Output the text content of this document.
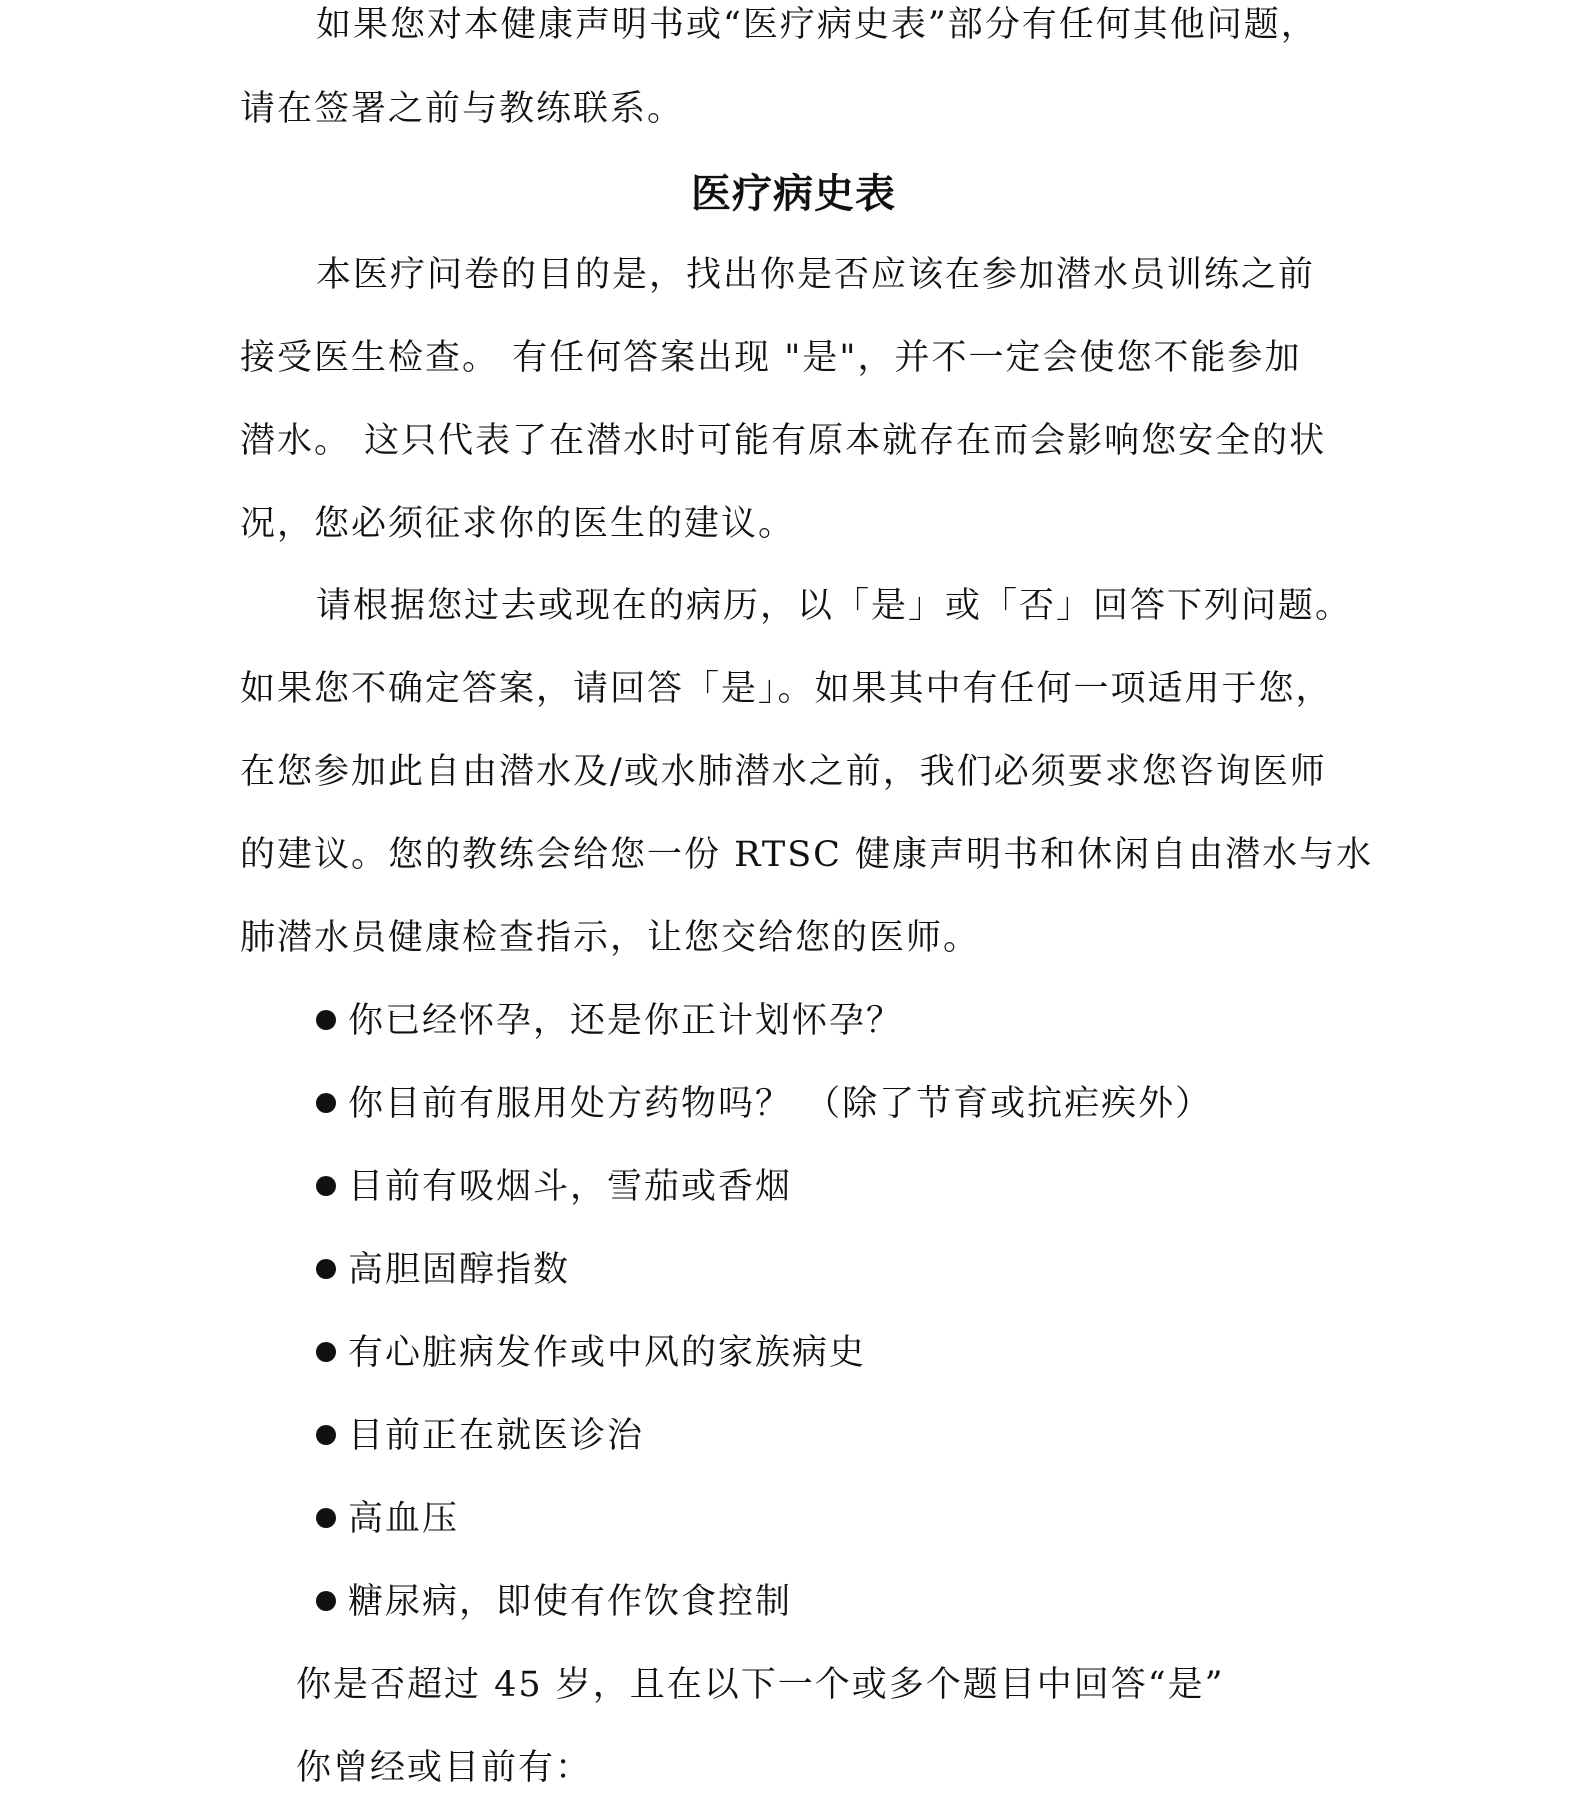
如果您对本健康声明书或“医疗病史表”部分有任何其他问题，
请在签署之前与教练联系。
医疗病史表
本医疗问卷的目的是，找出你是否应该在参加潜水员训练之前
接受医生检查。 有任何答案出现 "是"，并不一定会使您不能参加
潜水。 这只代表了在潜水时可能有原本就存在而会影响您安全的状
况，您必须征求你的医生的建议。
请根据您过去或现在的病历，以「是」或「否」回答下列问题。
如果您不确定答案，请回答「是」。如果其中有任何一项适用于您，
在您参加此自由潜水及/或水肺潜水之前，我们必须要求您咨询医师
的建议。您的教练会给您一份 RTSC 健康声明书和休闲自由潜水与水
肺潜水员健康检查指示，让您交给您的医师。
你已经怀孕，还是你正计划怀孕？
你目前有服用处方药物吗？ （除了节育或抗疟疾外）
目前有吸烟斗，雪茄或香烟
高胆固醇指数
有心脏病发作或中风的家族病史
目前正在就医诊治
高血压
糖尿病，即使有作饮食控制
你是否超过 45 岁，且在以下一个或多个题目中回答“是”
你曾经或目前有：
